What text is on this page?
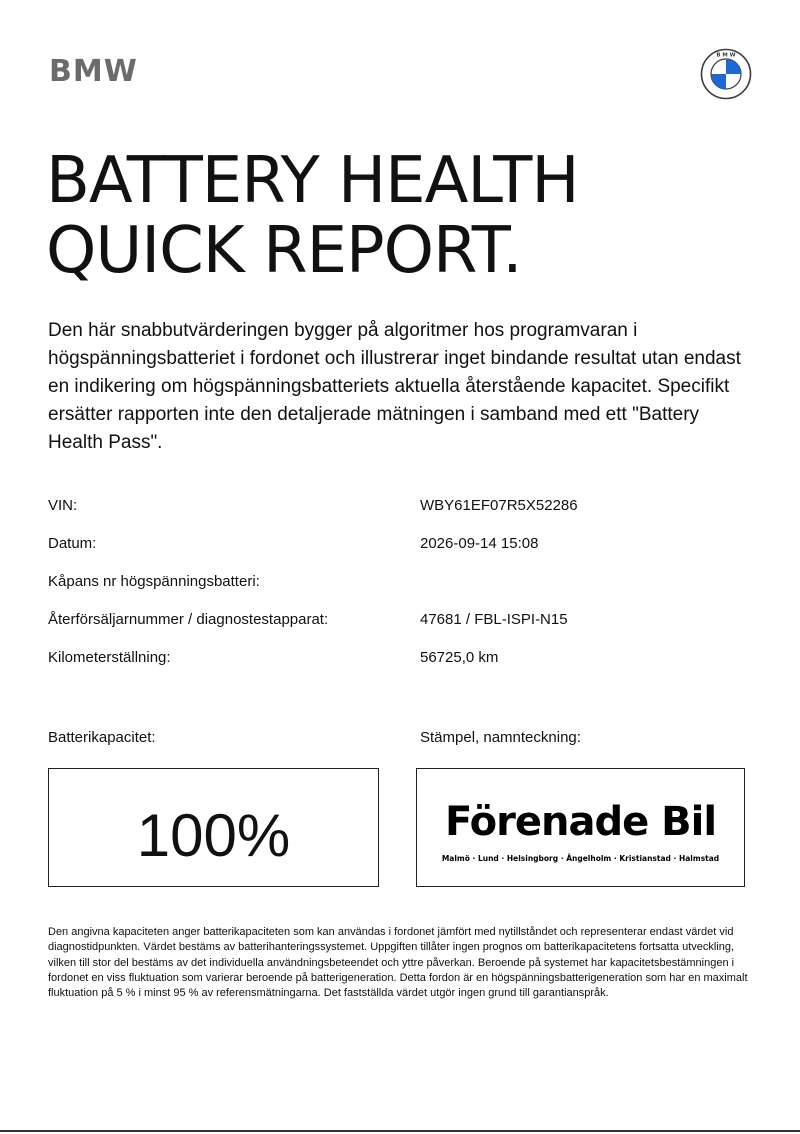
BMW	B M W
BATTERY HEALTH
QUICK REPORT.

Den här snabbutvärderingen bygger på algoritmer hos programvaran i högspänningsbatteriet i fordonet och illustrerar inget bindande resultat utan endast en indikering om högspänningsbatteriets aktuella återstående kapacitet. Specifikt ersätter rapporten inte den detaljerade mätningen i samband med ett "Battery Health Pass".

VIN:	WBY61EF07R5X52286
Datum:	2026-09-14 15:08
Kåpans nr högspänningsbatteri:
Återförsäljarnummer / diagnostestapparat:	47681 / FBL-ISPI-N15
Kilometerställning:	56725,0 km
Batterikapacitet:	Stämpel, namnteckning:
100%	Förenade Bil
Malmö · Lund · Helsingborg · Ängelholm · Kristianstad · Halmstad

Den angivna kapaciteten anger batterikapaciteten som kan användas i fordonet jämfört med nytillståndet och representerar endast värdet vid diagnostidpunkten. Värdet bestäms av batterihanteringssystemet. Uppgiften tillåter ingen prognos om batterikapacitetens fortsatta utveckling, vilken till stor del bestäms av det individuella användningsbeteendet och yttre påverkan. Beroende på systemet har kapacitetsbestämningen i fordonet en viss fluktuation som varierar beroende på batterigeneration. Detta fordon är en högspänningsbatterigeneration som har en maximalt fluktuation på 5 % i minst 95 % av referensmätningarna. Det fastställda värdet utgör ingen grund till garantianspråk.
